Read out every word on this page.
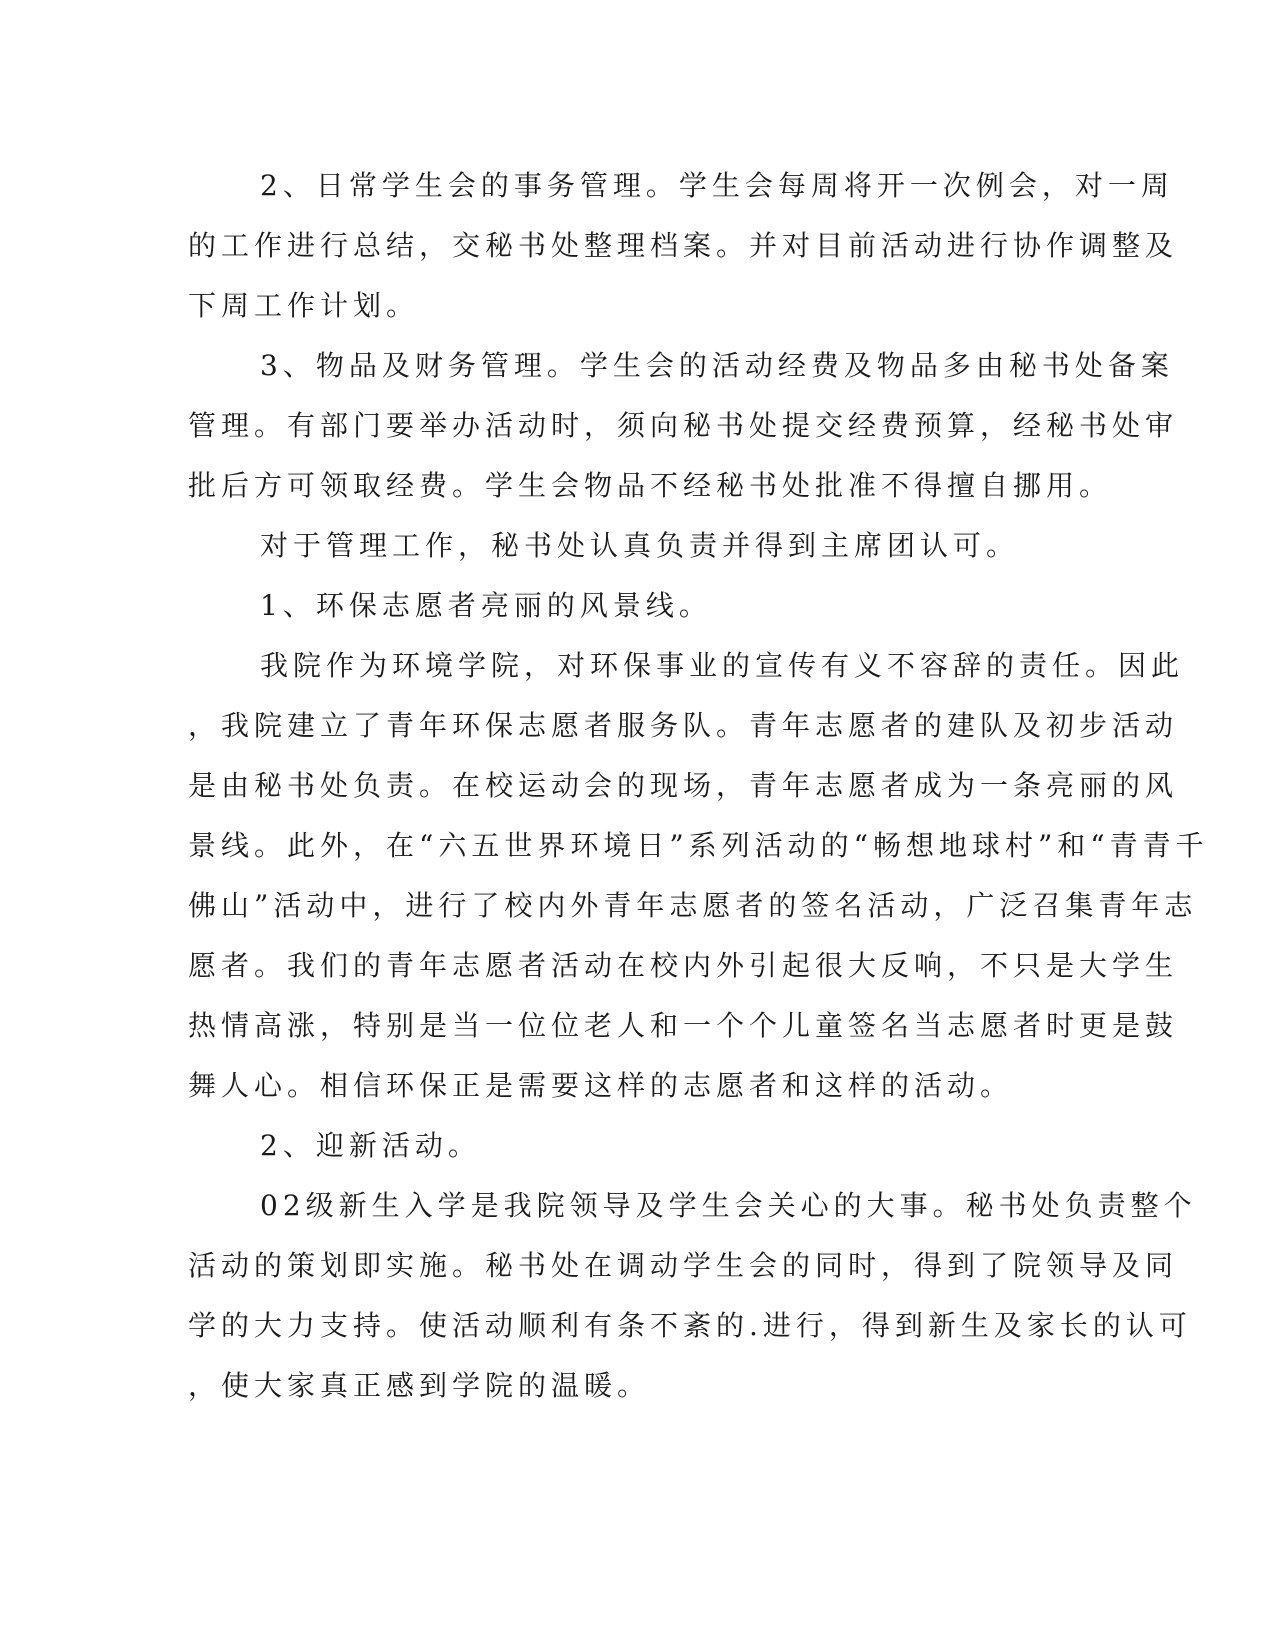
2、日常学生会的事务管理。学生会每周将开一次例会，对一周
的工作进行总结，交秘书处整理档案。并对目前活动进行协作调整及
下周工作计划。
3、物品及财务管理。学生会的活动经费及物品多由秘书处备案
管理。有部门要举办活动时，须向秘书处提交经费预算，经秘书处审
批后方可领取经费。学生会物品不经秘书处批准不得擅自挪用。
对于管理工作，秘书处认真负责并得到主席团认可。
1、环保志愿者亮丽的风景线。
我院作为环境学院，对环保事业的宣传有义不容辞的责任。因此
，我院建立了青年环保志愿者服务队。青年志愿者的建队及初步活动
是由秘书处负责。在校运动会的现场，青年志愿者成为一条亮丽的风
景线。此外，在“六五世界环境日”系列活动的“畅想地球村”和“青青千
佛山”活动中，进行了校内外青年志愿者的签名活动，广泛召集青年志
愿者。我们的青年志愿者活动在校内外引起很大反响，不只是大学生
热情高涨，特别是当一位位老人和一个个儿童签名当志愿者时更是鼓
舞人心。相信环保正是需要这样的志愿者和这样的活动。
2、迎新活动。
02级新生入学是我院领导及学生会关心的大事。秘书处负责整个
活动的策划即实施。秘书处在调动学生会的同时，得到了院领导及同
学的大力支持。使活动顺利有条不紊的.进行，得到新生及家长的认可
，使大家真正感到学院的温暖。
